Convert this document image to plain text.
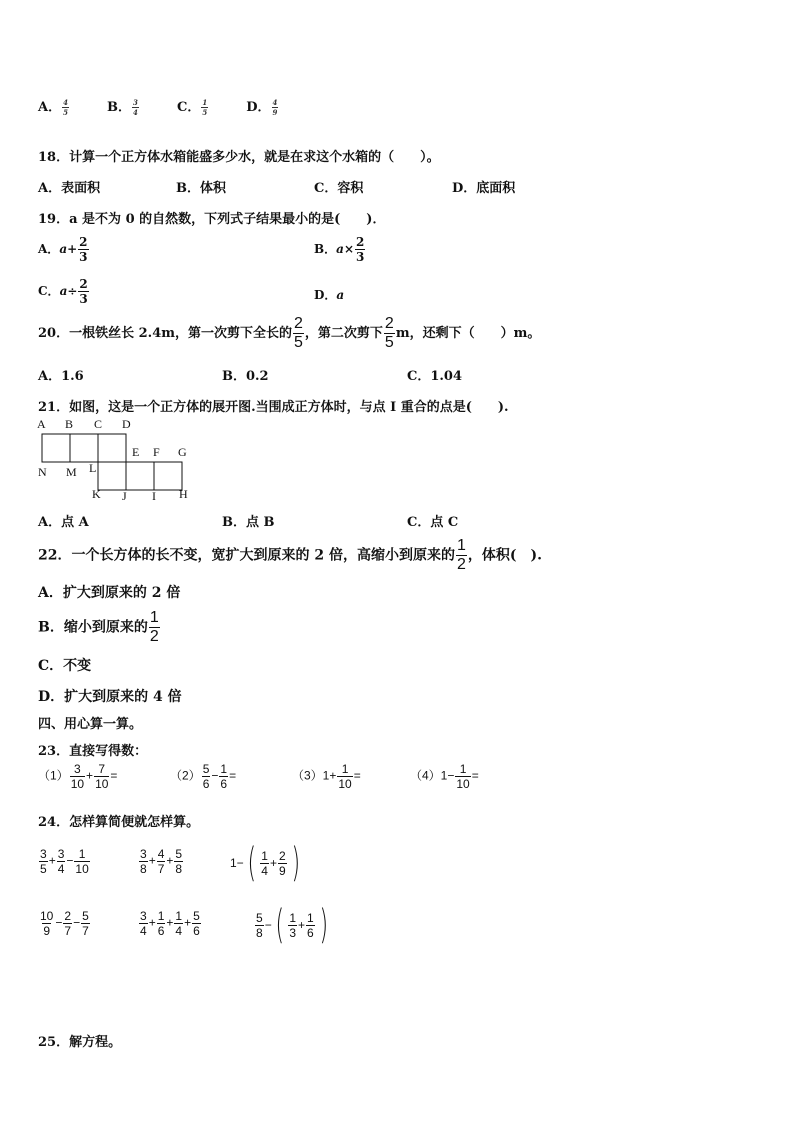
A． $\frac{4}{5}$	B． $\frac{3}{4}$	C． $\frac{1}{5}$	D． $\frac{4}{9}$
18．计算一个正方体水箱能盛多少水，就是在求这个水箱的（　　）。
A．表面积	B．体积	C．容积	D．底面积
19．a 是不为 0 的自然数，下列式子结果最小的是(　　)．
A．$a+ \frac{2}{3}$	B．$a\times \frac{2}{3}$
C．$a\div \frac{2}{3}$	D．a
20．一根铁丝长 2.4m，第一次剪下全长的 $\frac{2}{5}$ ，第二次剪下 $\frac{2}{5}$ m，还剩下（　　）m。
A．1.6	B．0.2	C．1.04
21．如图，这是一个正方体的展开图.当围成正方体时，与点 I 重合的点是(　　).
A B C D
E F G
N M L
K J I H
A．点 A	B．点 B	C．点 C
22．一个长方体的长不变，宽扩大到原来的 2 倍，高缩小到原来的 $\frac{1}{2}$ ，体积(　).
A．扩大到原来的 2 倍
B．缩小到原来的 $\frac{1}{2}$
C．不变
D．扩大到原来的 4 倍
四、用心算一算。
23．直接写得数：
$(1) \frac{3}{10} + \frac{7}{10}$ =	$(2) \frac{5}{6} - \frac{1}{6}$ =	$(3)1+ \frac{1}{10}$ =	$(4)1- \frac{1}{10}$ =
24．怎样算简便就怎样算。
$\frac{3}{5} + \frac{3}{4} - \frac{1}{10}$	$\frac{3}{8} + \frac{4}{7} + \frac{5}{8}$	$1-( \frac{1}{4} + \frac{2}{9}$ )
$\frac{10}{9} - \frac{2}{7} - \frac{5}{7}$	$\frac{3}{4} + \frac{1}{6} + \frac{1}{4} + \frac{5}{6}$	$\frac{5}{8}$ −( $\frac{1}{3} + \frac{1}{6}$ )
25．解方程。
